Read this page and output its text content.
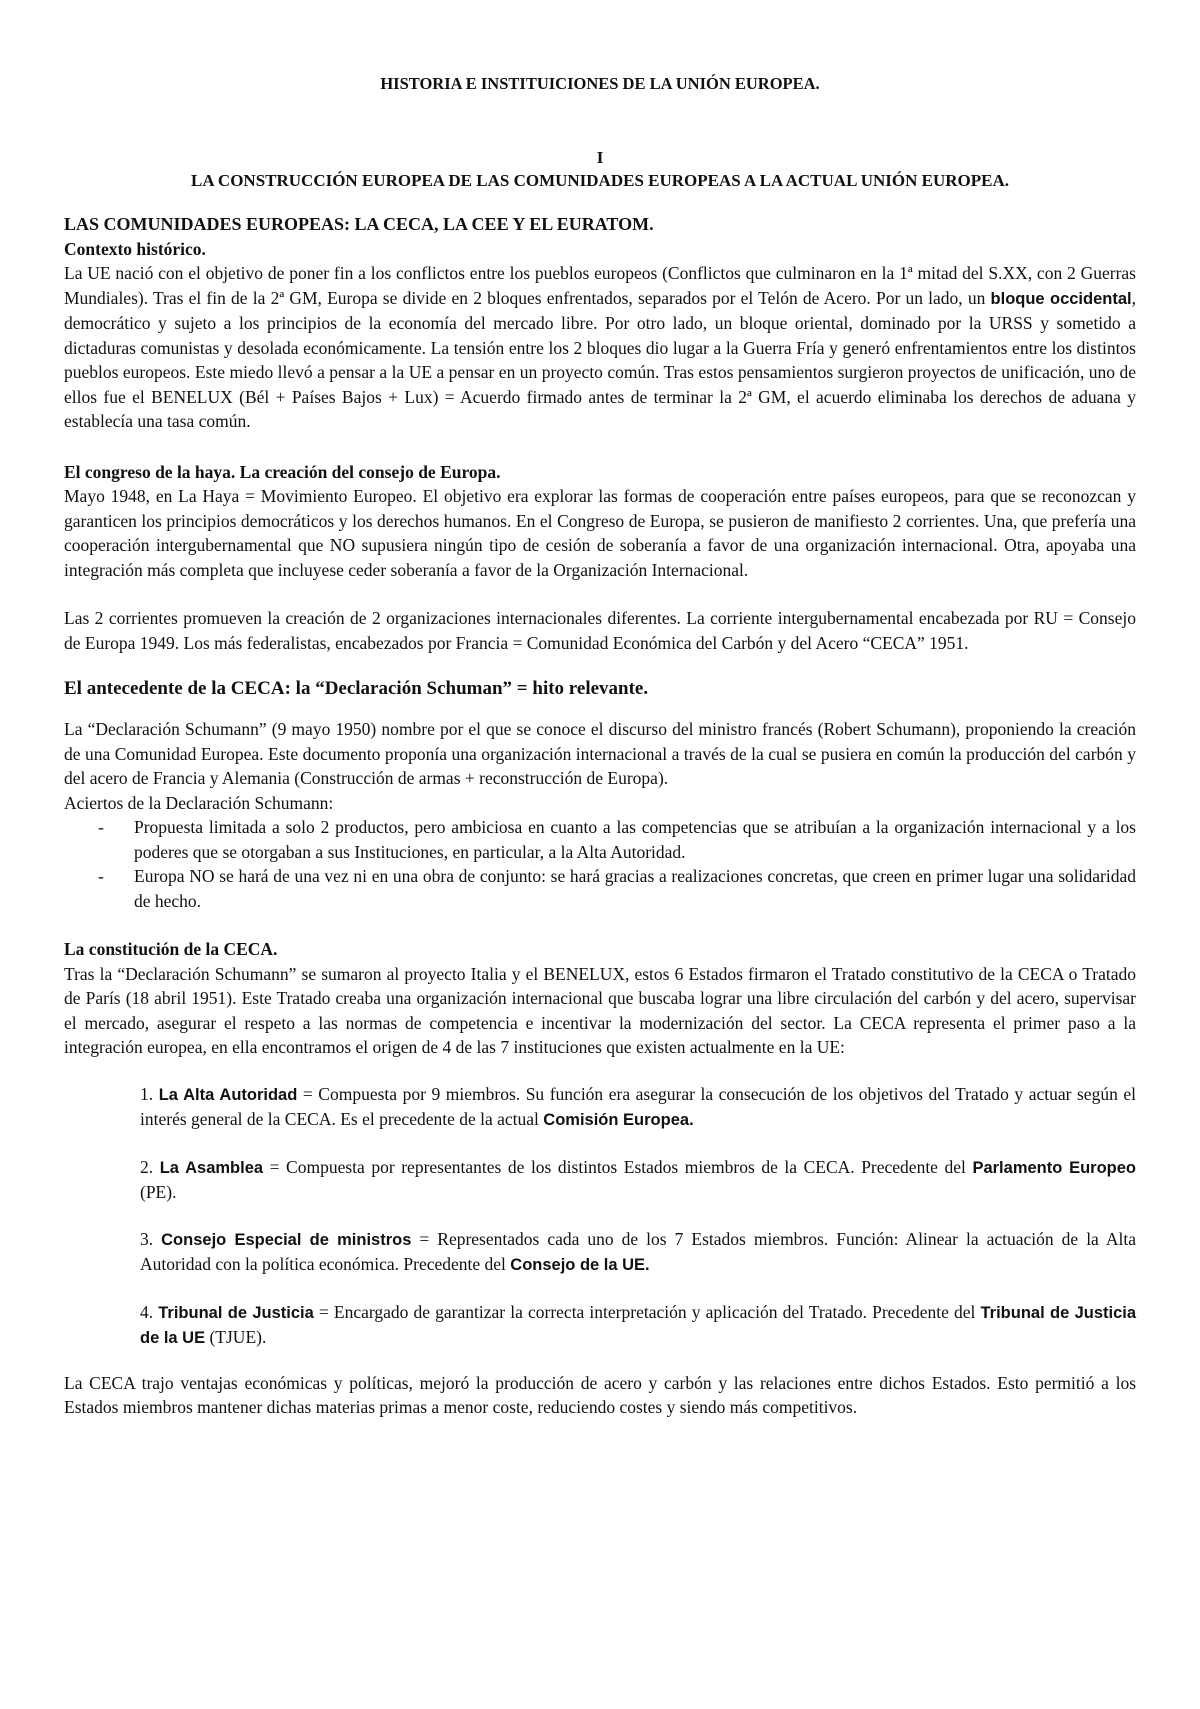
HISTORIA E INSTITUICIONES DE LA UNIÓN EUROPEA.
I
LA CONSTRUCCIÓN EUROPEA DE LAS COMUNIDADES EUROPEAS A LA ACTUAL UNIÓN EUROPEA.
LAS COMUNIDADES EUROPEAS: LA CECA, LA CEE Y EL EURATOM.
Contexto histórico.

La UE nació con el objetivo de poner fin a los conflictos entre los pueblos europeos (Conflictos que culminaron en la 1ª mitad del S.XX, con 2 Guerras Mundiales). Tras el fin de la 2ª GM, Europa se divide en 2 bloques enfrentados, separados por el Telón de Acero. Por un lado, un bloque occidental, democrático y sujeto a los principios de la economía del mercado libre. Por otro lado, un bloque oriental, dominado por la URSS y sometido a dictaduras comunistas y desolada económicamente. La tensión entre los 2 bloques dio lugar a la Guerra Fría y generó enfrentamientos entre los distintos pueblos europeos. Este miedo llevó a pensar a la UE a pensar en un proyecto común. Tras estos pensamientos surgieron proyectos de unificación, uno de ellos fue el BENELUX (Bél + Países Bajos + Lux) = Acuerdo firmado antes de terminar la 2ª GM, el acuerdo eliminaba los derechos de aduana y establecía una tasa común.

El congreso de la haya. La creación del consejo de Europa.

Mayo 1948, en La Haya = Movimiento Europeo. El objetivo era explorar las formas de cooperación entre países europeos, para que se reconozcan y garanticen los principios democráticos y los derechos humanos. En el Congreso de Europa, se pusieron de manifiesto 2 corrientes. Una, que prefería una cooperación intergubernamental que NO supusiera ningún tipo de cesión de soberanía a favor de una organización internacional. Otra, apoyaba una integración más completa que incluyese ceder soberanía a favor de la Organización Internacional.

Las 2 corrientes promueven la creación de 2 organizaciones internacionales diferentes. La corriente intergubernamental encabezada por RU = Consejo de Europa 1949. Los más federalistas, encabezados por Francia = Comunidad Económica del Carbón y del Acero “CECA” 1951.

El antecedente de la CECA: la “Declaración Schuman” = hito relevante.

La “Declaración Schumann” (9 mayo 1950) nombre por el que se conoce el discurso del ministro francés (Robert Schumann), proponiendo la creación de una Comunidad Europea. Este documento proponía una organización internacional a través de la cual se pusiera en común la producción del carbón y del acero de Francia y Alemania (Construcción de armas + reconstrucción de Europa).

Aciertos de la Declaración Schumann:
- Propuesta limitada a solo 2 productos, pero ambiciosa en cuanto a las competencias que se atribuían a la organización internacional y a los poderes que se otorgaban a sus Instituciones, en particular, a la Alta Autoridad.
- Europa NO se hará de una vez ni en una obra de conjunto: se hará gracias a realizaciones concretas, que creen en primer lugar una solidaridad de hecho.
La constitución de la CECA.

Tras la “Declaración Schumann” se sumaron al proyecto Italia y el BENELUX, estos 6 Estados firmaron el Tratado constitutivo de la CECA o Tratado de París (18 abril 1951). Este Tratado creaba una organización internacional que buscaba lograr una libre circulación del carbón y del acero, supervisar el mercado, asegurar el respeto a las normas de competencia e incentivar la modernización del sector. La CECA representa el primer paso a la integración europea, en ella encontramos el origen de 4 de las 7 instituciones que existen actualmente en la UE:

1. La Alta Autoridad = Compuesta por 9 miembros. Su función era asegurar la consecución de los objetivos del Tratado y actuar según el interés general de la CECA. Es el precedente de la actual Comisión Europea.
2. La Asamblea = Compuesta por representantes de los distintos Estados miembros de la CECA. Precedente del Parlamento Europeo (PE).
3. Consejo Especial de ministros = Representados cada uno de los 7 Estados miembros. Función: Alinear la actuación de la Alta Autoridad con la política económica. Precedente del Consejo de la UE.
4. Tribunal de Justicia = Encargado de garantizar la correcta interpretación y aplicación del Tratado. Precedente del Tribunal de Justicia de la UE (TJUE).

La CECA trajo ventajas económicas y políticas, mejoró la producción de acero y carbón y las relaciones entre dichos Estados. Esto permitió a los Estados miembros mantener dichas materias primas a menor coste, reduciendo costes y siendo más competitivos.
